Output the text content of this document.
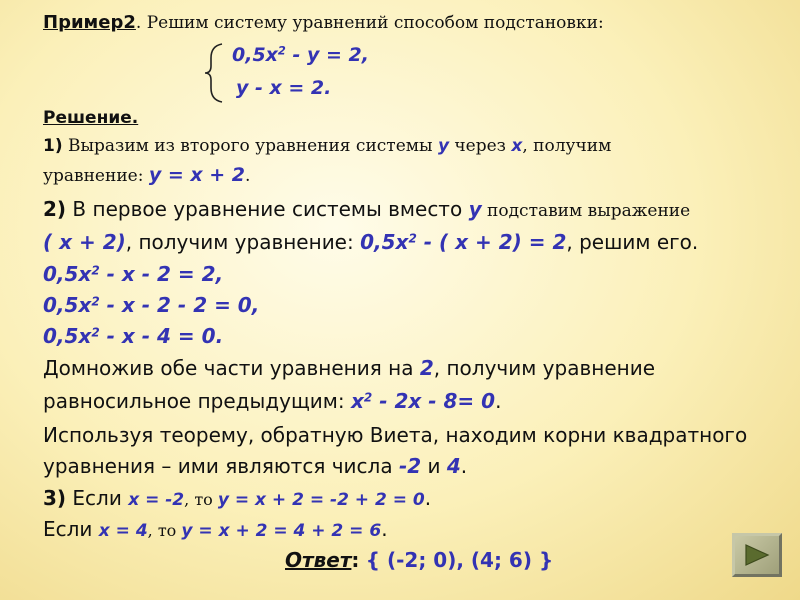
Пример2. Решим систему уравнений способом подстановки:
$0,5x^2 - y = 2$,
y - x = 2.
Решение.
1) Выразим из второго уравнения системы y через x, получим
уравнение: y = x + 2.
2) В первое уравнение системы вместо y подставим выражение
( x + 2), получим уравнение: $0,5x^2$ - ( x + 2) = 2, решим его.
$0,5x^2 - x - 2 = 2$,
$0,5x^2 - x - 2 - 2 = 0$,
$0,5x^2 - x - 4 = 0$.
Домножив обе части уравнения на 2, получим уравнение
равносильное предыдущим: $x^2 - 2x - 8= 0$.
Используя теорему, обратную Виета, находим корни квадратного
уравнения – ими являются числа -2 и 4.
3) Если x = -2, то y = x + 2 = -2 + 2 = 0.
Если x = 4, то y = x + 2 = 4 + 2 = 6.
Ответ: { (-2; 0), (4; 6) }
